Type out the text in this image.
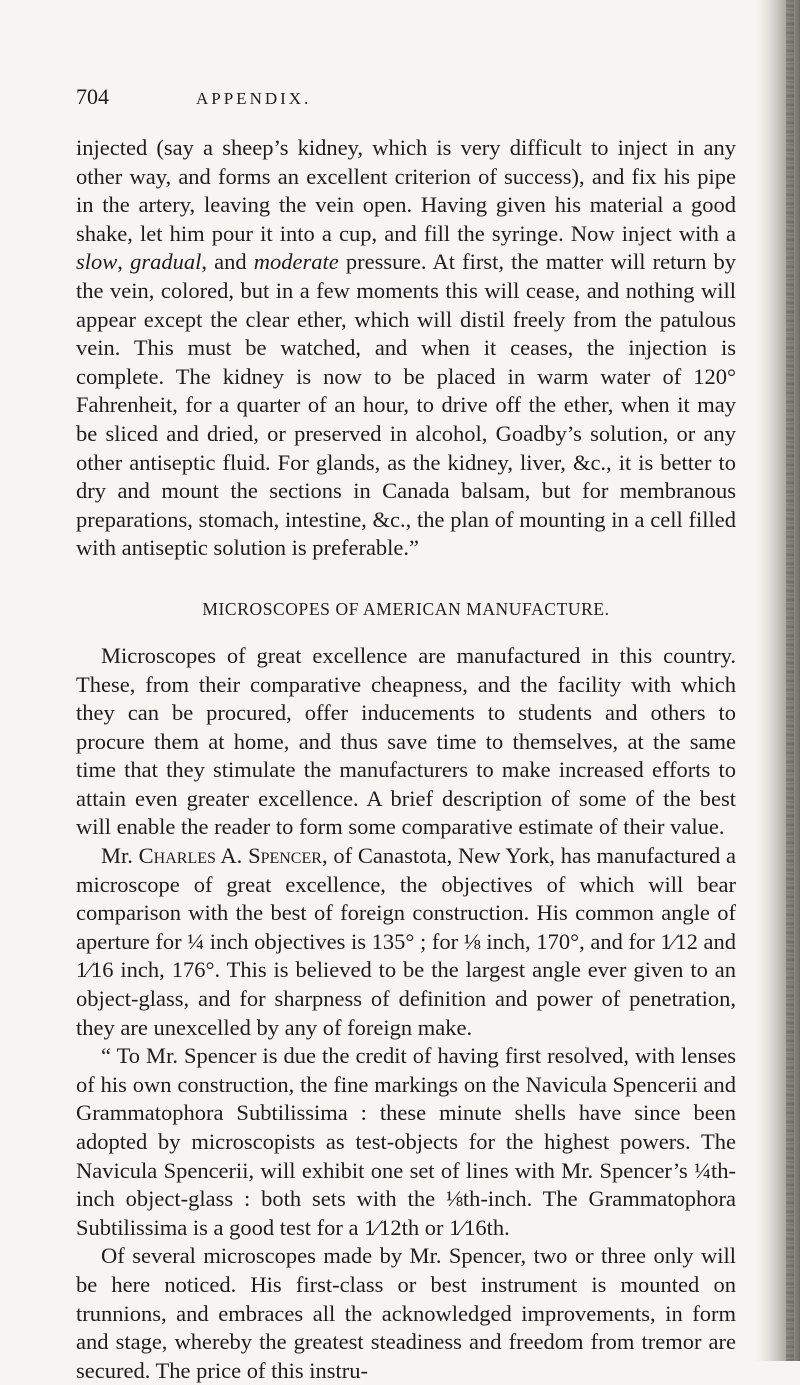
704	APPENDIX.

injected (say a sheep’s kidney, which is very difficult to inject in any other way, and forms an excellent criterion of success), and fix his pipe in the artery, leaving the vein open. Having given his material a good shake, let him pour it into a cup, and fill the syringe. Now inject with a slow, gradual, and moderate pressure. At first, the matter will return by the vein, colored, but in a few moments this will cease, and nothing will appear except the clear ether, which will distil freely from the patulous vein. This must be watched, and when it ceases, the injection is complete. The kidney is now to be placed in warm water of 120° Fahrenheit, for a quarter of an hour, to drive off the ether, when it may be sliced and dried, or preserved in alcohol, Goadby’s solution, or any other antiseptic fluid. For glands, as the kidney, liver, &c., it is better to dry and mount the sections in Canada balsam, but for membranous preparations, stomach, intestine, &c., the plan of mounting in a cell filled with antiseptic solution is preferable.”

MICROSCOPES OF AMERICAN MANUFACTURE.

Microscopes of great excellence are manufactured in this country. These, from their comparative cheapness, and the facility with which they can be procured, offer inducements to students and others to procure them at home, and thus save time to themselves, at the same time that they stimulate the manufacturers to make increased efforts to attain even greater excellence. A brief description of some of the best will enable the reader to form some comparative estimate of their value.

Mr. Charles A. Spencer, of Canastota, New York, has manufactured a microscope of great excellence, the objectives of which will bear comparison with the best of foreign construction. His common angle of aperture for ¼ inch objectives is 135° ; for ⅛ inch, 170°, and for 1⁄12 and 1⁄16 inch, 176°. This is believed to be the largest angle ever given to an object-glass, and for sharpness of definition and power of penetration, they are unexcelled by any of foreign make.

“ To Mr. Spencer is due the credit of having first resolved, with lenses of his own construction, the fine markings on the Navicula Spencerii and Grammatophora Subtilissima : these minute shells have since been adopted by microscopists as test-objects for the highest powers. The Navicula Spencerii, will exhibit one set of lines with Mr. Spencer’s ¼th-inch object-glass : both sets with the ⅛th-inch. The Grammatophora Subtilissima is a good test for a 1⁄12th or 1⁄16th.

Of several microscopes made by Mr. Spencer, two or three only will be here noticed. His first-class or best instrument is mounted on trunnions, and embraces all the acknowledged improvements, in form and stage, whereby the greatest steadiness and freedom from tremor are secured. The price of this instru-
